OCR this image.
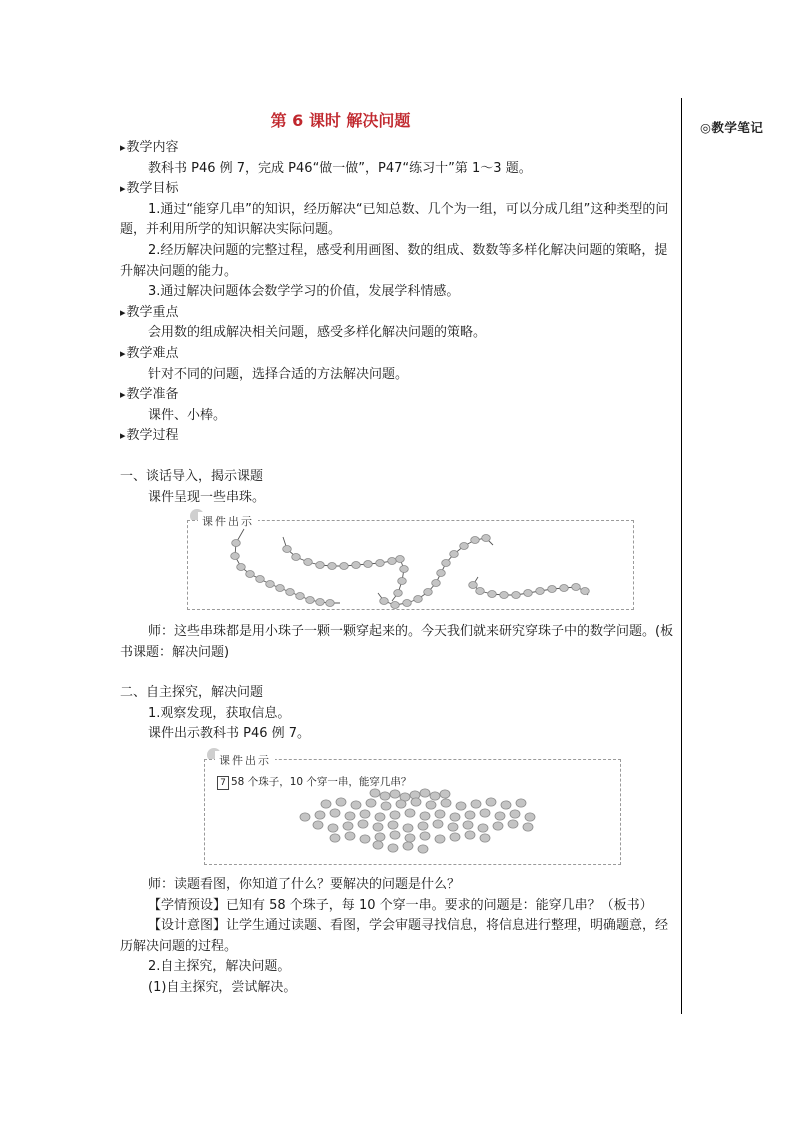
◎教学笔记
第 6 课时 解决问题

▸ 教学内容

教科书 P46 例 7，完成 P46“做一做”，P47“练习十”第 1～3 题。

▸ 教学目标

1.通过“能穿几串”的知识，经历解决“已知总数、几个为一组，可以分成几组”这种类型的问题，并利用所学的知识解决实际问题。

2.经历解决问题的完整过程，感受利用画图、数的组成、数数等多样化解决问题的策略，提升解决问题的能力。

3.通过解决问题体会数学学习的价值，发展学科情感。

▸ 教学重点

会用数的组成解决相关问题，感受多样化解决问题的策略。

▸ 教学难点

针对不同的问题，选择合适的方法解决问题。

▸ 教学准备

课件、小棒。

▸ 教学过程

一、谈话导入，揭示课题

课件呈现一些串珠。

课件出示

师：这些串珠都是用小珠子一颗一颗穿起来的。今天我们就来研究穿珠子中的数学问题。(板书课题：解决问题)

二、自主探究，解决问题

1.观察发现，获取信息。

课件出示教科书 P46 例 7。

课件出示
7 58 个珠子，10 个穿一串，能穿几串？

师：读题看图，你知道了什么？要解决的问题是什么？

【学情预设】已知有 58 个珠子，每 10 个穿一串。要求的问题是：能穿几串？（板书）

【设计意图】让学生通过读题、看图，学会审题寻找信息，将信息进行整理，明确题意，经历解决问题的过程。

2.自主探究，解决问题。

(1)自主探究，尝试解决。
